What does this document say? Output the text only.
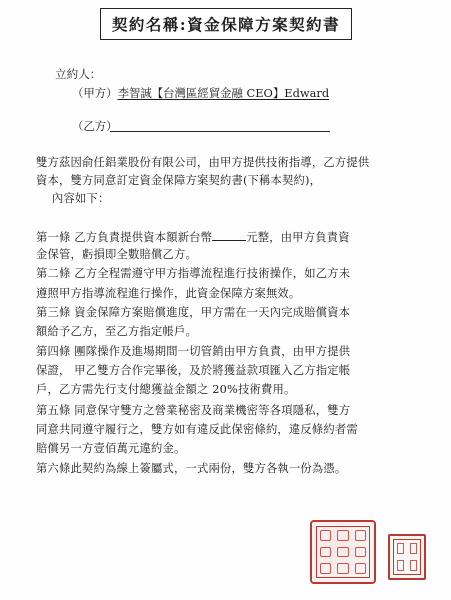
契約名稱:資金保障方案契約書
立約人：
（甲方）李智誠【台灣區經貿金融 CEO】Edward
（乙方）
雙方茲因俞任鋁業股份有限公司，由甲方提供技術指導，乙方提供
資本，雙方同意訂定資金保障方案契約書(下稱本契約)，
內容如下：
第一條 乙方負責提供資本額新台幣	元整，由甲方負責資
金保管，虧損即全數賠償乙方。
第二條 乙方全程需遵守甲方指導流程進行技術操作，如乙方未
遵照甲方指導流程進行操作，此資金保障方案無效。
第三條 資金保障方案賠償進度，甲方需在一天內完成賠償資本
額給予乙方，至乙方指定帳戶。
第四條 團隊操作及進場期間一切管銷由甲方負責，由甲方提供
保證， 甲乙雙方合作完畢後，及於將獲益款項匯入乙方指定帳
戶，乙方需先行支付總獲益金額之 20%技術費用。
第五條 同意保守雙方之營業秘密及商業機密等各項隱私，雙方
同意共同遵守履行之，雙方如有違反此保密條約，違反條約者需
賠償另一方壹佰萬元違約金。
第六條此契約為線上簽屬式，一式兩份，雙方各執一份為憑。
